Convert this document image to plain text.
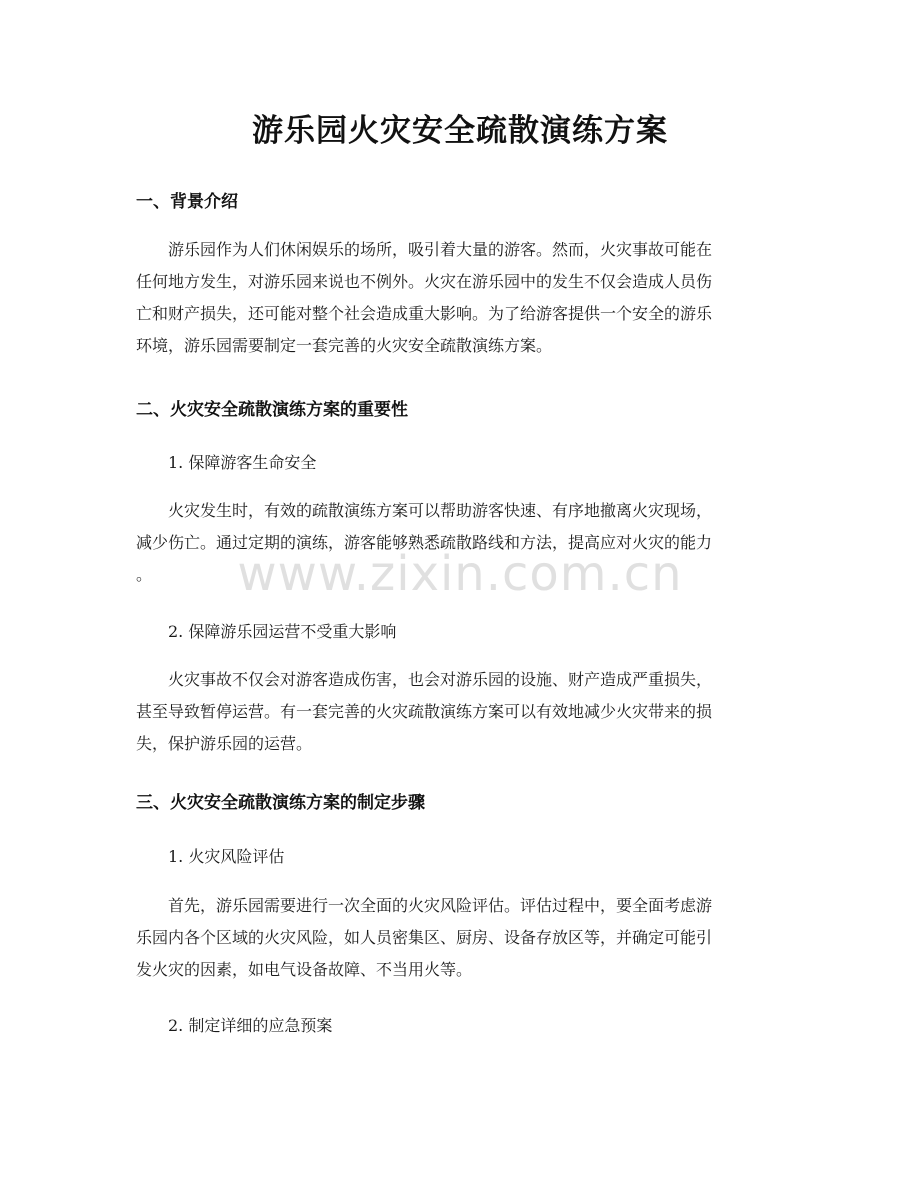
游乐园火灾安全疏散演练方案
一、背景介绍
游乐园作为人们休闲娱乐的场所，吸引着大量的游客。然而，火灾事故可能在
任何地方发生，对游乐园来说也不例外。火灾在游乐园中的发生不仅会造成人员伤
亡和财产损失，还可能对整个社会造成重大影响。为了给游客提供一个安全的游乐
环境，游乐园需要制定一套完善的火灾安全疏散演练方案。
二、火灾安全疏散演练方案的重要性
1. 保障游客生命安全
火灾发生时，有效的疏散演练方案可以帮助游客快速、有序地撤离火灾现场，
减少伤亡。通过定期的演练，游客能够熟悉疏散路线和方法，提高应对火灾的能力
。
2. 保障游乐园运营不受重大影响
火灾事故不仅会对游客造成伤害，也会对游乐园的设施、财产造成严重损失，
甚至导致暂停运营。有一套完善的火灾疏散演练方案可以有效地减少火灾带来的损
失，保护游乐园的运营。
三、火灾安全疏散演练方案的制定步骤
1. 火灾风险评估
首先，游乐园需要进行一次全面的火灾风险评估。评估过程中，要全面考虑游
乐园内各个区域的火灾风险，如人员密集区、厨房、设备存放区等，并确定可能引
发火灾的因素，如电气设备故障、不当用火等。
2. 制定详细的应急预案
www.zixin.com.cn
